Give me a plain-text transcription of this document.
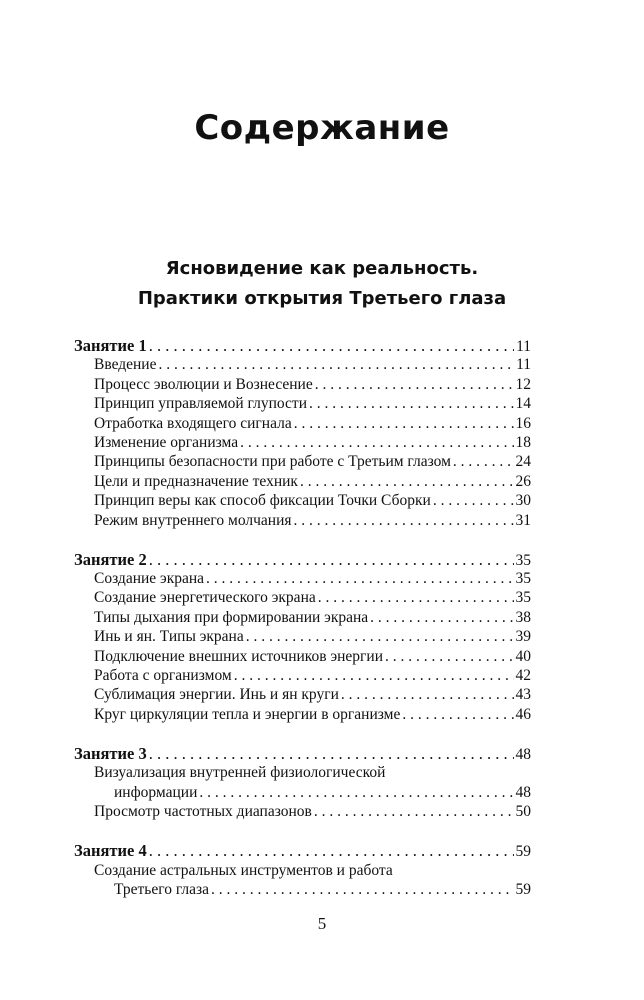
Содержание
Ясновидение как реальность.
Практики открытия Третьего глаза
Занятие 1 . . .	11
Введение . . .	11
Процесс эволюции и Вознесение . . .	12
Принцип управляемой глупости . . .	14
Отработка входящего сигнала . . .	16
Изменение организма . . .	18
Принципы безопасности при работе с Третьим глазом . . .	24
Цели и предназначение техник . . .	26
Принцип веры как способ фиксации Точки Сборки . . .	30
Режим внутреннего молчания . . .	31
Занятие 2 . . .	35
Создание экрана . . .	35
Создание энергетического экрана . . .	35
Типы дыхания при формировании экрана . . .	38
Инь и ян. Типы экрана . . .	39
Подключение внешних источников энергии . . .	40
Работа с организмом . . .	42
Сублимация энергии. Инь и ян круги . . .	43
Круг циркуляции тепла и энергии в организме . . .	46
Занятие 3 . . .	48
Визуализация внутренней физиологической
информации . . .	48
Просмотр частотных диапазонов . . .	50
Занятие 4 . . .	59
Создание астральных инструментов и работа
Третьего глаза . . .	59
5
